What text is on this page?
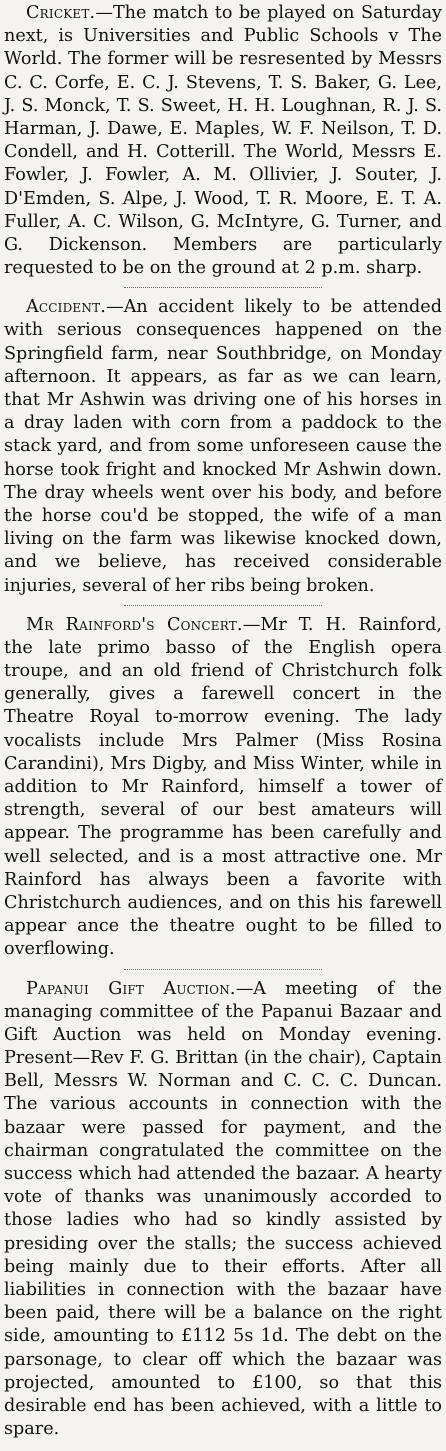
Cricket.—The match to be played on Saturday next, is Universities and Public Schools v The World. The former will be resresented by Messrs C. C. Corfe, E. C. J. Stevens, T. S. Baker, G. Lee, J. S. Monck, T. S. Sweet, H. H. Loughnan, R. J. S. Harman, J. Dawe, E. Maples, W. F. Neilson, T. D. Condell, and H. Cotterill. The World, Messrs E. Fowler, J. Fowler, A. M. Ollivier, J. Souter, J. D'Emden, S. Alpe, J. Wood, T. R. Moore, E. T. A. Fuller, A. C. Wilson, G. McIntyre, G. Turner, and G. Dickenson. Members are particularly requested to be on the ground at 2 p.m. sharp.

Accident.—An accident likely to be attended with serious consequences happened on the Springfield farm, near Southbridge, on Monday afternoon. It appears, as far as we can learn, that Mr Ashwin was driving one of his horses in a dray laden with corn from a paddock to the stack yard, and from some unforeseen cause the horse took fright and knocked Mr Ashwin down. The dray wheels went over his body, and before the horse cou'd be stopped, the wife of a man living on the farm was likewise knocked down, and we believe, has received considerable injuries, several of her ribs being broken.

Mr Rainford's Concert.—Mr T. H. Rainford, the late primo basso of the English opera troupe, and an old friend of Christchurch folk generally, gives a farewell concert in the Theatre Royal to-morrow evening. The lady vocalists include Mrs Palmer (Miss Rosina Carandini), Mrs Digby, and Miss Winter, while in addition to Mr Rainford, himself a tower of strength, several of our best amateurs will appear. The programme has been carefully and well selected, and is a most attractive one. Mr Rainford has always been a favorite with Christchurch audiences, and on this his farewell appear ance the theatre ought to be filled to overflowing.

Papanui Gift Auction.—A meeting of the managing committee of the Papanui Bazaar and Gift Auction was held on Monday evening. Present—Rev F. G. Brittan (in the chair), Captain Bell, Messrs W. Norman and C. C. C. Duncan. The various accounts in connection with the bazaar were passed for payment, and the chairman congratulated the committee on the success which had attended the bazaar. A hearty vote of thanks was unanimously accorded to those ladies who had so kindly assisted by presiding over the stalls; the success achieved being mainly due to their efforts. After all liabilities in connection with the bazaar have been paid, there will be a balance on the right side, amounting to £112 5s 1d. The debt on the parsonage, to clear off which the bazaar was projected, amounted to £100, so that this desirable end has been achieved, with a little to spare.
